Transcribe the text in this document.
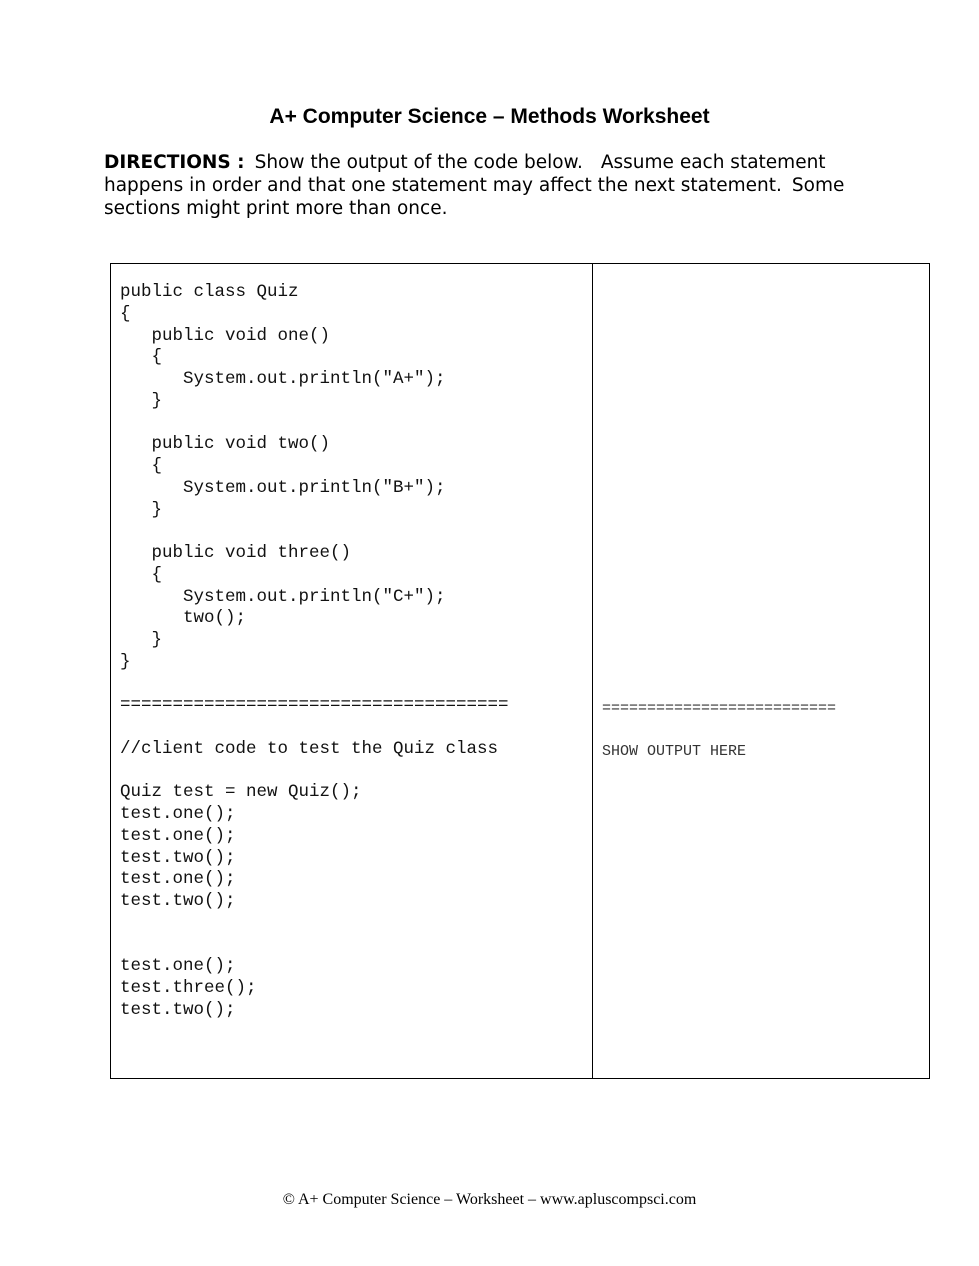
A+ Computer Science – Methods Worksheet

DIRECTIONS : Show the output of the code below. Assume each statement happens in order and that one statement may affect the next statement. Some sections might print more than once.

public class Quiz
{
public void one()
{
System.out.println("A+");
}

public void two()
{
System.out.println("B+");
}

public void three()
{
System.out.println("C+");
two();
}
}

=====================================

//client code to test the Quiz class

Quiz test = new Quiz();
test.one();
test.one();
test.two();
test.one();
test.two();

test.one();
test.three();
test.two();
==========================
SHOW OUTPUT HERE

© A+ Computer Science – Worksheet – www.apluscompsci.com
